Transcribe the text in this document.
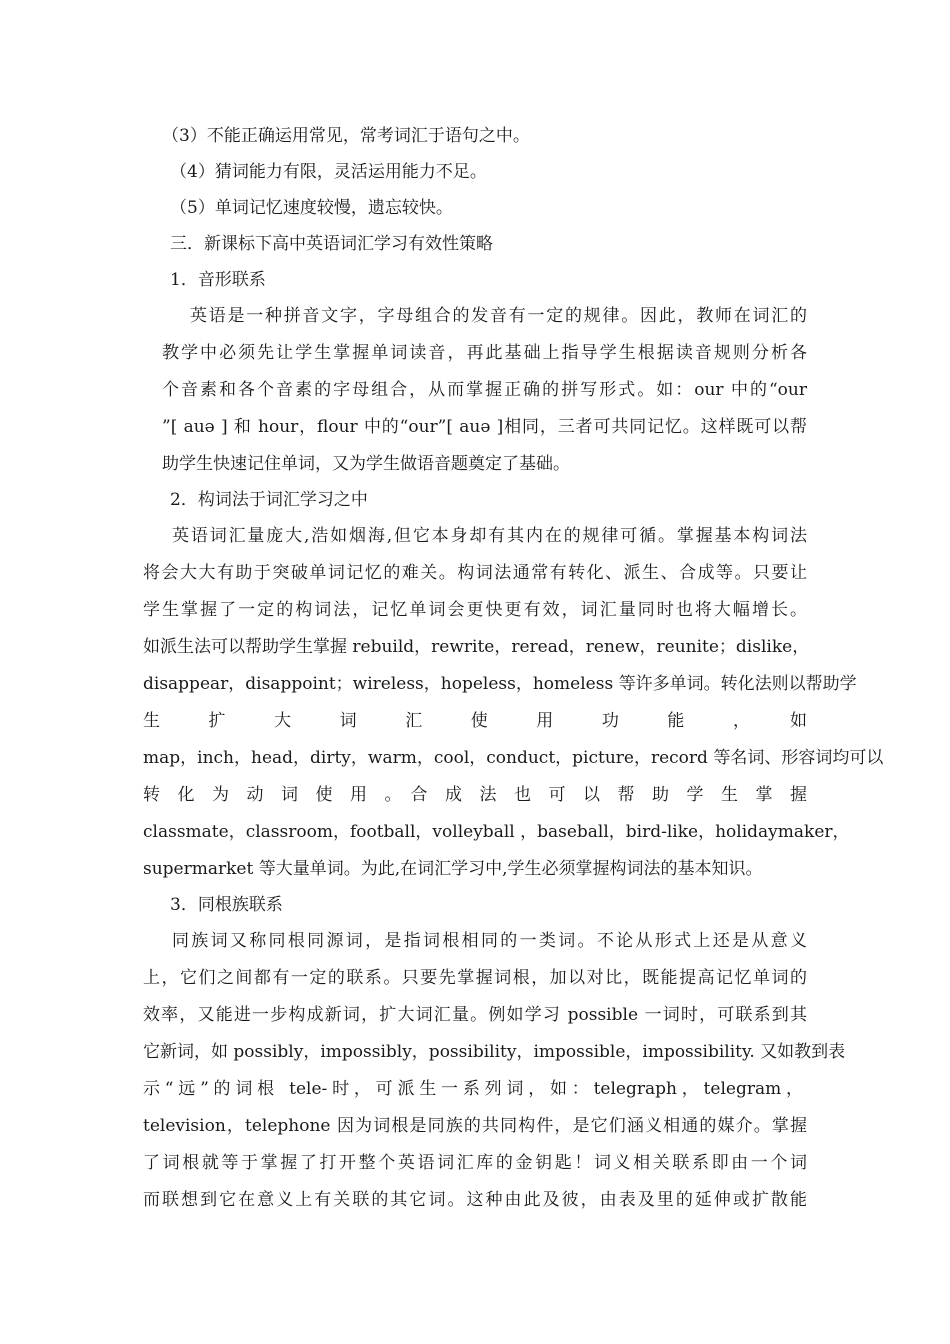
（3）不能正确运用常见，常考词汇于语句之中。
（4）猜词能力有限，灵活运用能力不足。
（5）单词记忆速度较慢，遗忘较快。
三．新课标下高中英语词汇学习有效性策略
1．音形联系
英语是一种拼音文字，字母组合的发音有一定的规律。因此，教师在词汇的
教学中必须先让学生掌握单词读音，再此基础上指导学生根据读音规则分析各
个音素和各个音素的字母组合，从而掌握正确的拼写形式。如：our 中的“our
”[ auə ] 和 hour，flour 中的“our”[ auə ]相同，三者可共同记忆。这样既可以帮
助学生快速记住单词，又为学生做语音题奠定了基础。
2．构词法于词汇学习之中
英语词汇量庞大,浩如烟海,但它本身却有其内在的规律可循。掌握基本构词法
将会大大有助于突破单词记忆的难关。构词法通常有转化、派生、合成等。只要让
学生掌握了一定的构词法，记忆单词会更快更有效，词汇量同时也将大幅增长。
如派生法可以帮助学生掌握 rebuild，rewrite，reread，renew，reunite；dislike，
disappear，disappoint；wireless，hopeless，homeless 等许多单词。转化法则以帮助学
生　扩　大　词　汇　使　用　功　能　，　如
map，inch，head，dirty，warm，cool，conduct，picture，record 等名词、形容词均可以
转　化　为　动　词　使　用　。　合　成　法　也　可　以　帮　助　学　生　掌　握
classmate，classroom，football，volleyball ，baseball，bird-like，holidaymaker，
supermarket 等大量单词。为此,在词汇学习中,学生必须掌握构词法的基本知识。
3．同根族联系
同族词又称同根同源词，是指词根相同的一类词。不论从形式上还是从意义
上，它们之间都有一定的联系。只要先掌握词根，加以对比，既能提高记忆单词的
效率，又能进一步构成新词，扩大词汇量。例如学习 possible 一词时，可联系到其
它新词，如 possibly，impossibly，possibility，impossible，impossibility. 又如教到表
示“远”的词根 tele-时，可派生一系列词，如：telegraph，telegram，
television，telephone 因为词根是同族的共同构件，是它们涵义相通的媒介。掌握
了词根就等于掌握了打开整个英语词汇库的金钥匙！词义相关联系即由一个词
而联想到它在意义上有关联的其它词。这种由此及彼，由表及里的延伸或扩散能
